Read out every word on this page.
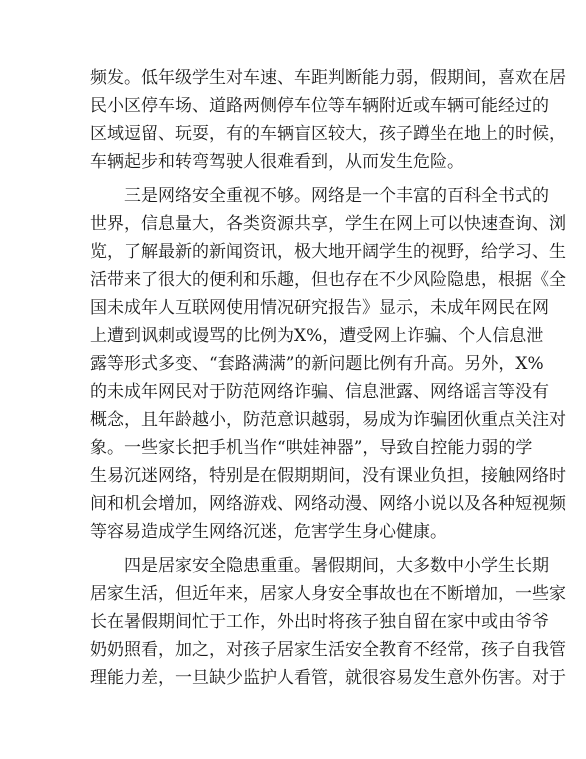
频发。低年级学生对车速、车距判断能力弱，假期间，喜欢在居
民小区停车场、道路两侧停车位等车辆附近或车辆可能经过的
区域逗留、玩耍，有的车辆盲区较大，孩子蹲坐在地上的时候，
车辆起步和转弯驾驶人很难看到，从而发生危险。
三是网络安全重视不够。网络是一个丰富的百科全书式的
世界，信息量大，各类资源共享，学生在网上可以快速查询、浏
览，了解最新的新闻资讯，极大地开阔学生的视野，给学习、生
活带来了很大的便利和乐趣，但也存在不少风险隐患，根据《全
国未成年人互联网使用情况研究报告》显示，未成年网民在网
上遭到讽刺或谩骂的比例为X%，遭受网上诈骗、个人信息泄
露等形式多变、“套路满满”的新问题比例有升高。另外，X%
的未成年网民对于防范网络诈骗、信息泄露、网络谣言等没有
概念，且年龄越小，防范意识越弱，易成为诈骗团伙重点关注对
象。一些家长把手机当作“哄娃神器”，导致自控能力弱的学
生易沉迷网络，特别是在假期期间，没有课业负担，接触网络时
间和机会增加，网络游戏、网络动漫、网络小说以及各种短视频
等容易造成学生网络沉迷，危害学生身心健康。
四是居家安全隐患重重。暑假期间，大多数中小学生长期
居家生活，但近年来，居家人身安全事故也在不断增加，一些家
长在暑假期间忙于工作，外出时将孩子独自留在家中或由爷爷
奶奶照看，加之，对孩子居家生活安全教育不经常，孩子自我管
理能力差，一旦缺少监护人看管，就很容易发生意外伤害。对于
